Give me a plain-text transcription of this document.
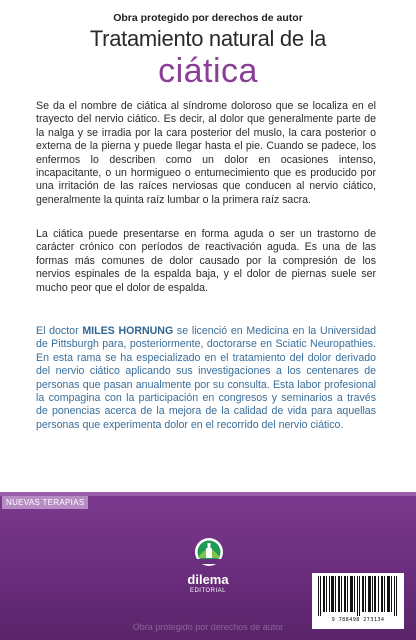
Obra protegido por derechos de autor
Tratamiento natural de la
ciática
Se da el nombre de ciática al síndrome doloroso que se localiza en el trayecto del nervio ciático. Es decir, al dolor que generalmente parte de la nalga y se irradia por la cara posterior del muslo, la cara posterior o externa de la pierna y puede llegar hasta el pie. Cuando se padece, los enfermos lo describen como un dolor en ocasiones intenso, incapacitante, o un hormigueo o entumecimiento que es producido por una irritación de las raíces nerviosas que conducen al nervio ciático, generalmente la quinta raíz lumbar o la primera raíz sacra.
La ciática puede presentarse en forma aguda o ser un trastorno de carácter crónico con períodos de reactivación aguda. Es una de las formas más comunes de dolor causado por la compresión de los nervios espinales de la espalda baja, y el dolor de piernas suele ser mucho peor que el dolor de espalda.
El doctor MILES HORNUNG se licenció en Medicina en la Universidad de Pittsburgh para, posteriormente, doctorarse en Sciatic Neuropathies. En esta rama se ha especializado en el tratamiento del dolor derivado del nervio ciático aplicando sus investigaciones a los centenares de personas que pasan anualmente por su consulta. Esta labor profesional la compagina con la participación en congresos y seminarios a través de ponencias acerca de la mejora de la calidad de vida para aquellas personas que experimenta dolor en el recorrido del nervio ciático.
NUEVAS TERAPIAS
dilema
EDITORIAL
9 788498 273134
Obra protegido por derechos de autor
